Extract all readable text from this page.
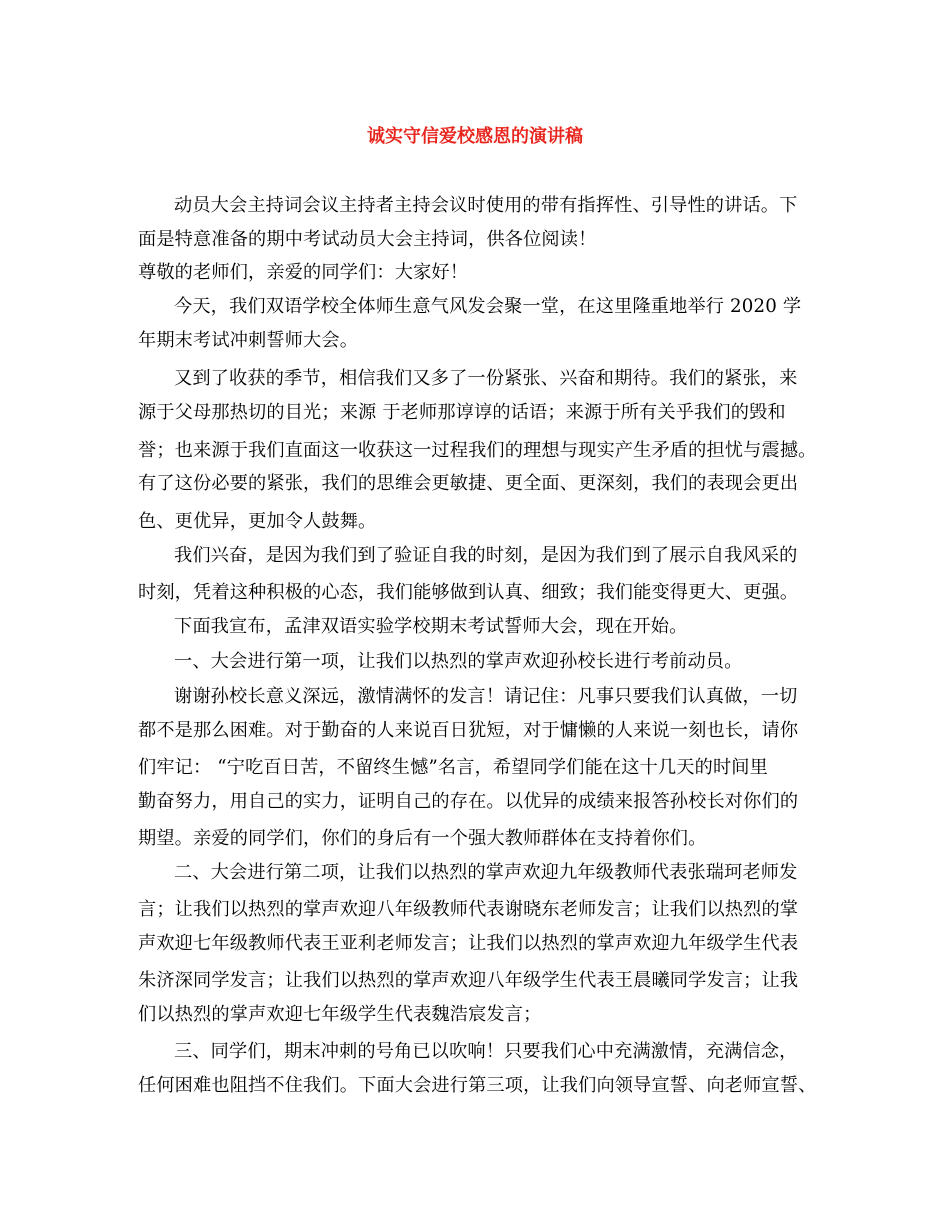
诚实守信爱校感恩的演讲稿
动员大会主持词会议主持者主持会议时使用的带有指挥性、引导性的讲话。下
面是特意准备的期中考试动员大会主持词，供各位阅读！
尊敬的老师们，亲爱的同学们：大家好！
今天，我们双语学校全体师生意气风发会聚一堂，在这里隆重地举行 2020 学
年期末考试冲刺誓师大会。
又到了收获的季节，相信我们又多了一份紧张、兴奋和期待。我们的紧张，来
源于父母那热切的目光；来源 于老师那谆谆的话语；来源于所有关乎我们的毁和
誉；也来源于我们直面这一收获这一过程我们的理想与现实产生矛盾的担忧与震撼。
有了这份必要的紧张，我们的思维会更敏捷、更全面、更深刻，我们的表现会更出
色、更优异，更加令人鼓舞。
我们兴奋，是因为我们到了验证自我的时刻，是因为我们到了展示自我风采的
时刻，凭着这种积极的心态，我们能够做到认真、细致；我们能变得更大、更强。
下面我宣布，孟津双语实验学校期末考试誓师大会，现在开始。
一、大会进行第一项，让我们以热烈的掌声欢迎孙校长进行考前动员。
谢谢孙校长意义深远，激情满怀的发言！请记住：凡事只要我们认真做，一切
都不是那么困难。对于勤奋的人来说百日犹短，对于慵懒的人来说一刻也长，请你
们牢记： “宁吃百日苦，不留终生憾”名言，希望同学们能在这十几天的时间里
勤奋努力，用自己的实力，证明自己的存在。以优异的成绩来报答孙校长对你们的
期望。亲爱的同学们，你们的身后有一个强大教师群体在支持着你们。
二、大会进行第二项，让我们以热烈的掌声欢迎九年级教师代表张瑞珂老师发
言；让我们以热烈的掌声欢迎八年级教师代表谢晓东老师发言；让我们以热烈的掌
声欢迎七年级教师代表王亚利老师发言；让我们以热烈的掌声欢迎九年级学生代表
朱济深同学发言；让我们以热烈的掌声欢迎八年级学生代表王晨曦同学发言；让我
们以热烈的掌声欢迎七年级学生代表魏浩宸发言；
三、同学们，期末冲刺的号角已以吹响！只要我们心中充满激情，充满信念，
任何困难也阻挡不住我们。下面大会进行第三项，让我们向领导宣誓、向老师宣誓、
